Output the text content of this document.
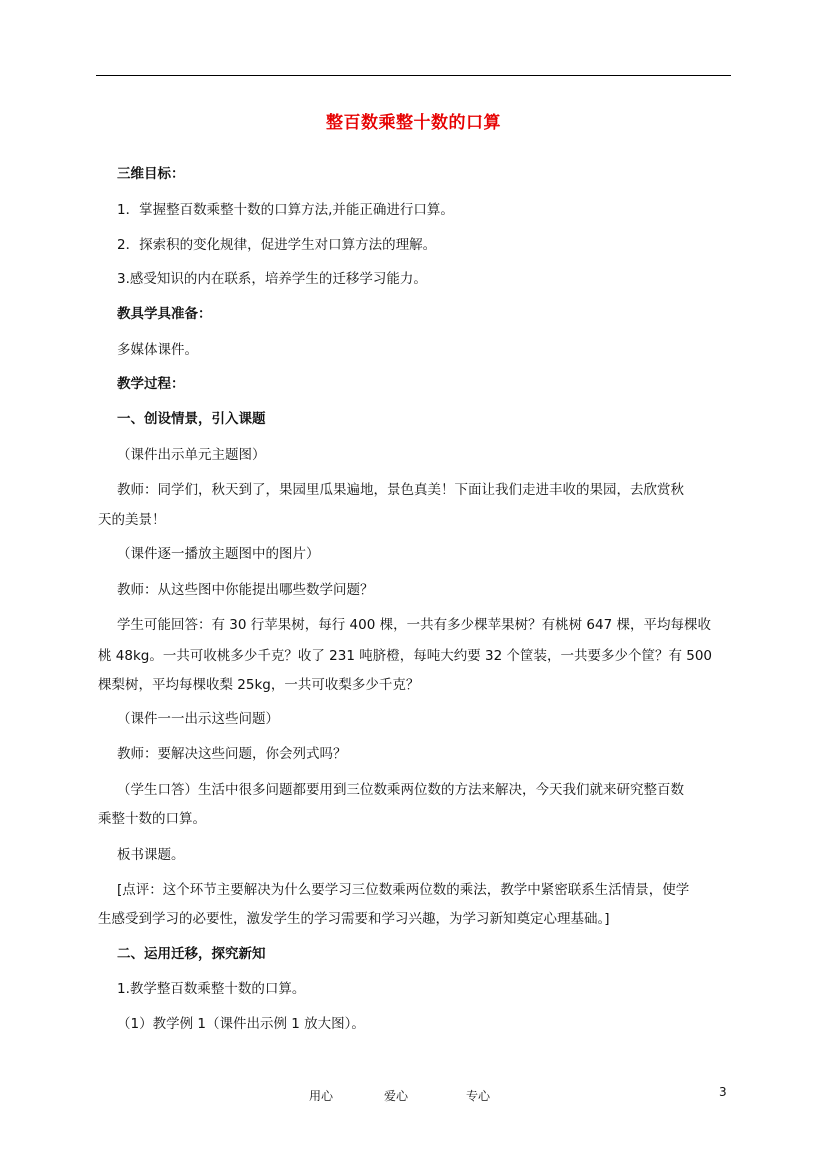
整百数乘整十数的口算

三维目标：

1．掌握整百数乘整十数的口算方法,并能正确进行口算。

2．探索积的变化规律，促进学生对口算方法的理解。

3.感受知识的内在联系，培养学生的迁移学习能力。

教具学具准备：

多媒体课件。

教学过程：

一、创设情景，引入课题

（课件出示单元主题图）

教师：同学们，秋天到了，果园里瓜果遍地，景色真美！下面让我们走进丰收的果园，去欣赏秋

天的美景！

（课件逐一播放主题图中的图片）

教师：从这些图中你能提出哪些数学问题？

学生可能回答：有 30 行苹果树，每行 400 棵，一共有多少棵苹果树？有桃树 647 棵，平均每棵收

桃 48kg。一共可收桃多少千克？收了 231 吨脐橙，每吨大约要 32 个筐装，一共要多少个筐？有 500

棵梨树，平均每棵收梨 25kg，一共可收梨多少千克？

（课件一一出示这些问题）

教师：要解决这些问题，你会列式吗？

（学生口答）生活中很多问题都要用到三位数乘两位数的方法来解决，今天我们就来研究整百数

乘整十数的口算。

板书课题。

[点评：这个环节主要解决为什么要学习三位数乘两位数的乘法，教学中紧密联系生活情景，使学

生感受到学习的必要性，激发学生的学习需要和学习兴趣，为学习新知奠定心理基础。]

二、运用迁移，探究新知

1.教学整百数乘整十数的口算。

（1）教学例 1（课件出示例 1 放大图）。

用心	爱心	专心	3
